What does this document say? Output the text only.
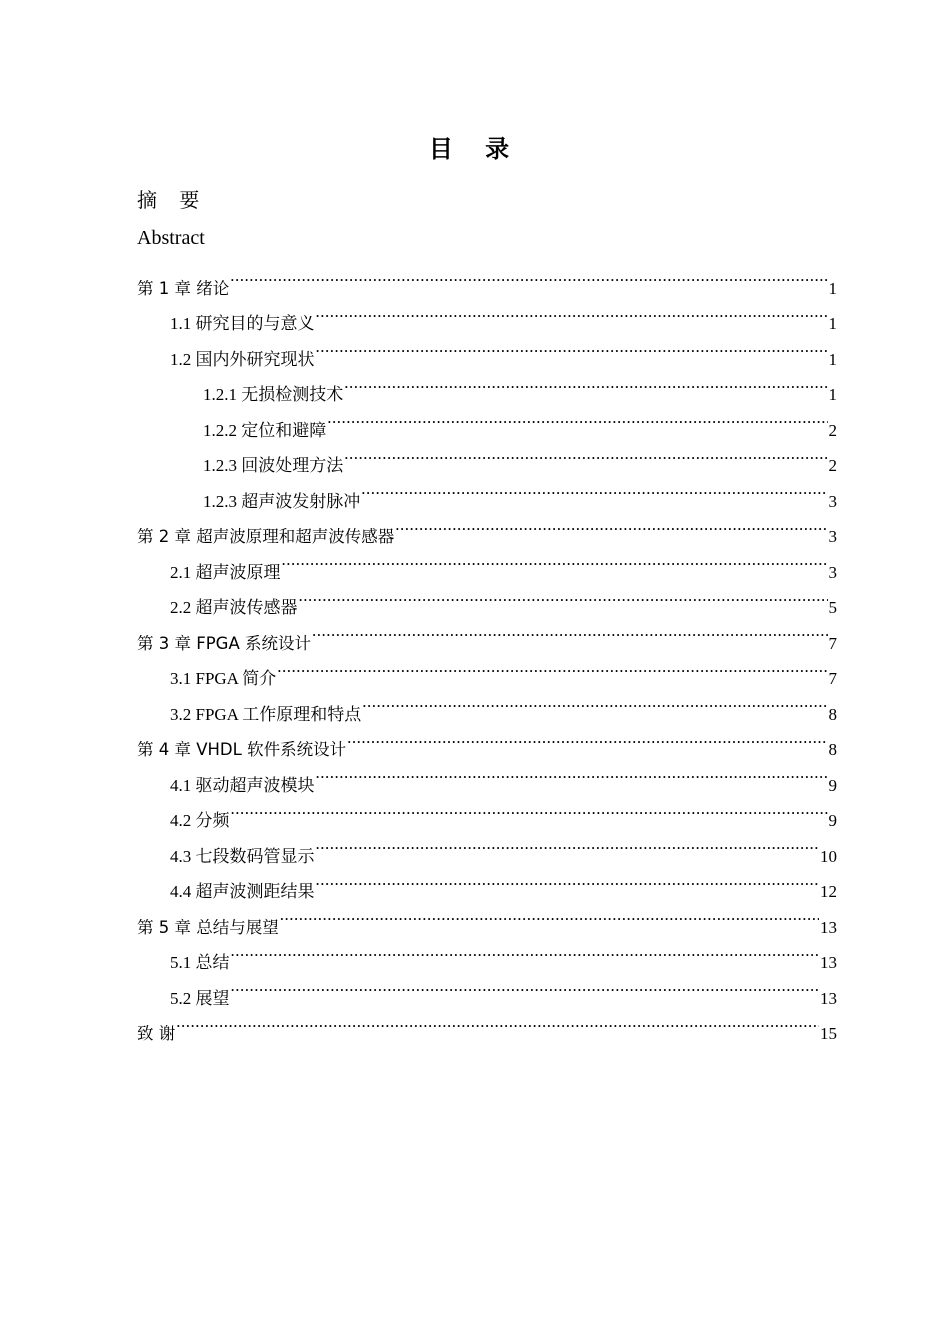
目 录
摘 要
Abstract
第 1 章 绪论 .....	1
1.1 研究目的与意义 .....	1
1.2 国内外研究现状 .....	1
1.2.1 无损检测技术 .....	1
1.2.2 定位和避障 .....	2
1.2.3 回波处理方法 .....	2
1.2.3 超声波发射脉冲 .....	3
第 2 章 超声波原理和超声波传感器 .....	3
2.1 超声波原理 .....	3
2.2 超声波传感器 .....	5
第 3 章 FPGA 系统设计 .....	7
3.1 FPGA 简介 .....	7
3.2 FPGA 工作原理和特点 .....	8
第 4 章 VHDL 软件系统设计 .....	8
4.1 驱动超声波模块 .....	9
4.2 分频 .....	9
4.3 七段数码管显示 .....	10
4.4 超声波测距结果 .....	12
第 5 章 总结与展望 .....	13
5.1 总结 .....	13
5.2 展望 .....	13
致 谢 .....	15
